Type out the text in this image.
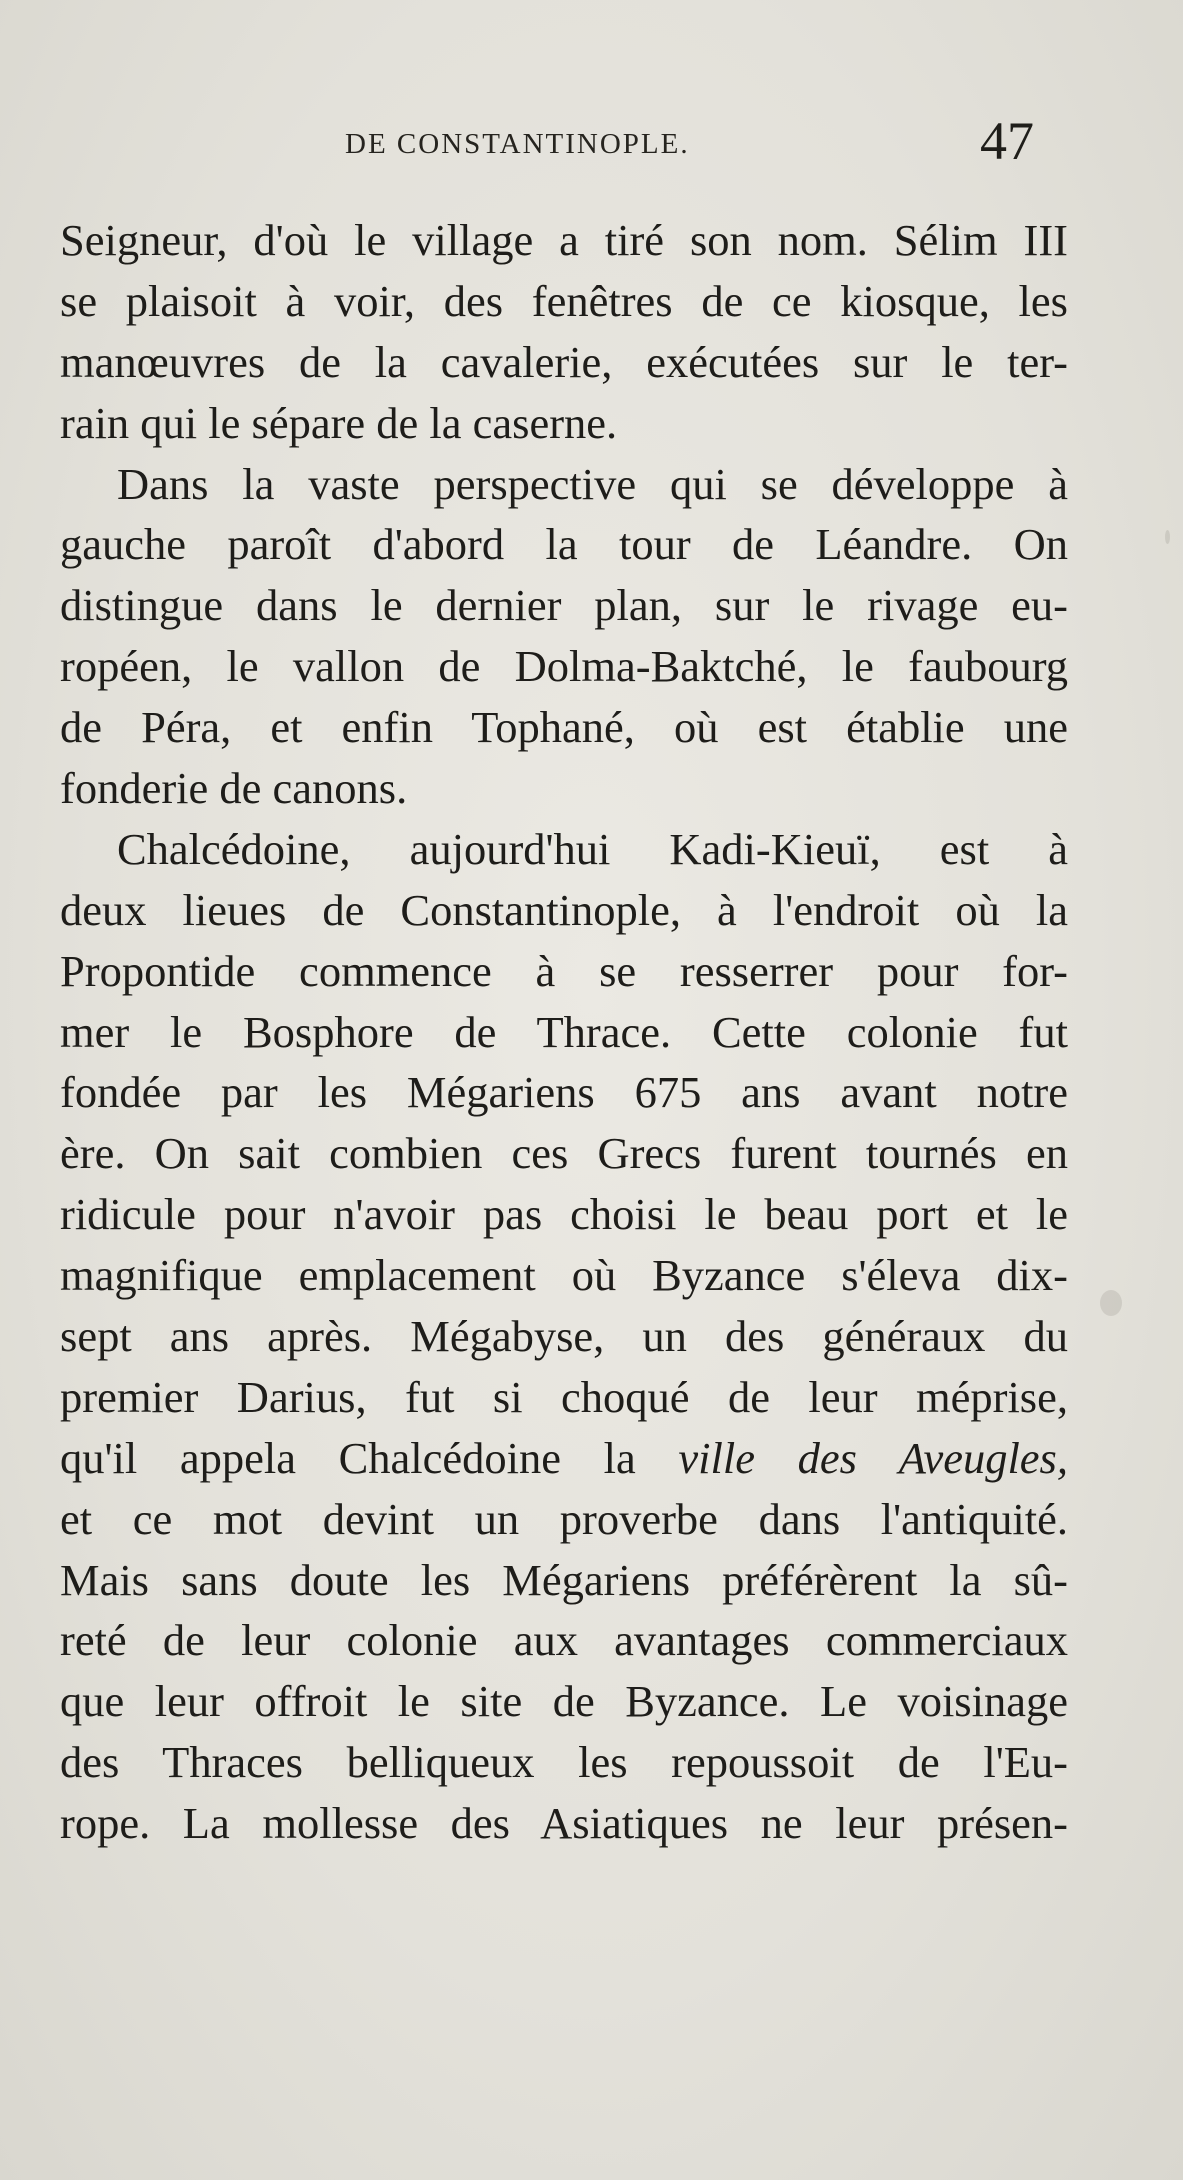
DE CONSTANTINOPLE.	47
Seigneur, d'où le village a tiré son nom. Sélim III
se plaisoit à voir, des fenêtres de ce kiosque, les
manœuvres de la cavalerie, exécutées sur le ter-
rain qui le sépare de la caserne.
Dans la vaste perspective qui se développe à
gauche paroît d'abord la tour de Léandre. On
distingue dans le dernier plan, sur le rivage eu-
ropéen, le vallon de Dolma-Baktché, le faubourg
de Péra, et enfin Tophané, où est établie une
fonderie de canons.
Chalcédoine, aujourd'hui Kadi-Kieuï, est à
deux lieues de Constantinople, à l'endroit où la
Propontide commence à se resserrer pour for-
mer le Bosphore de Thrace. Cette colonie fut
fondée par les Mégariens 675 ans avant notre
ère. On sait combien ces Grecs furent tournés en
ridicule pour n'avoir pas choisi le beau port et le
magnifique emplacement où Byzance s'éleva dix-
sept ans après. Mégabyse, un des généraux du
premier Darius, fut si choqué de leur méprise,
qu'il appela Chalcédoine la ville des Aveugles,
et ce mot devint un proverbe dans l'antiquité.
Mais sans doute les Mégariens préférèrent la sû-
reté de leur colonie aux avantages commerciaux
que leur offroit le site de Byzance. Le voisinage
des Thraces belliqueux les repoussoit de l'Eu-
rope. La mollesse des Asiatiques ne leur présen-
